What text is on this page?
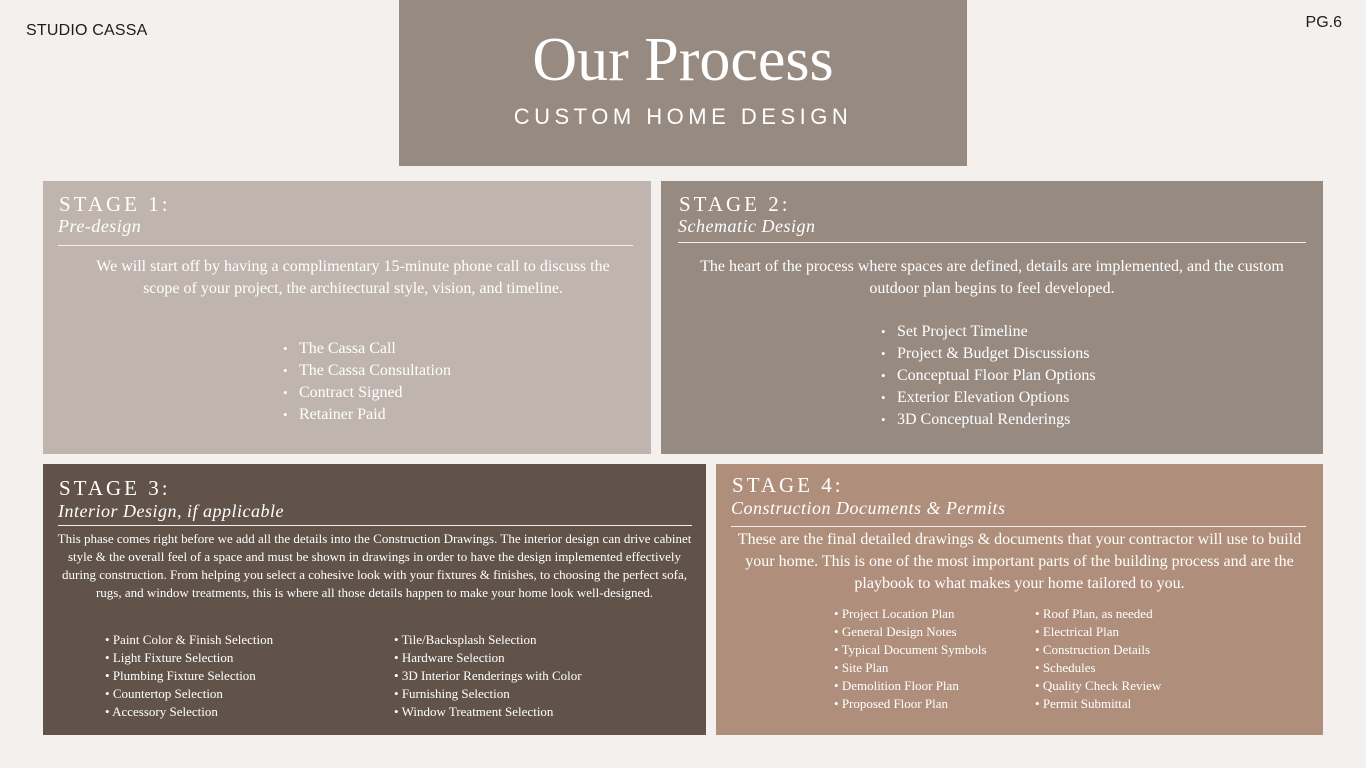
STUDIO CASSA	PG.6
Our Process
CUSTOM HOME DESIGN
STAGE 1:
Pre-design
We will start off by having a complimentary 15-minute phone call to discuss the scope of your project, the architectural style, vision, and timeline.
• The Cassa Call
• The Cassa Consultation
• Contract Signed
• Retainer Paid
STAGE 2:
Schematic Design
The heart of the process where spaces are defined, details are implemented, and the custom outdoor plan begins to feel developed.
• Set Project Timeline
• Project & Budget Discussions
• Conceptual Floor Plan Options
• Exterior Elevation Options
• 3D Conceptual Renderings
STAGE 3:
Interior Design, if applicable
This phase comes right before we add all the details into the Construction Drawings. The interior design can drive cabinet style & the overall feel of a space and must be shown in drawings in order to have the design implemented effectively during construction. From helping you select a cohesive look with your fixtures & finishes, to choosing the perfect sofa, rugs, and window treatments, this is where all those details happen to make your home look well-designed.
• Paint Color & Finish Selection
• Light Fixture Selection
• Plumbing Fixture Selection
• Countertop Selection
• Accessory Selection
• Tile/Backsplash Selection
• Hardware Selection
• 3D Interior Renderings with Color
• Furnishing Selection
• Window Treatment Selection
STAGE 4:
Construction Documents & Permits
These are the final detailed drawings & documents that your contractor will use to build your home. This is one of the most important parts of the building process and are the playbook to what makes your home tailored to you.
• Project Location Plan
• General Design Notes
• Typical Document Symbols
• Site Plan
• Demolition Floor Plan
• Proposed Floor Plan
• Roof Plan, as needed
• Electrical Plan
• Construction Details
• Schedules
• Quality Check Review
• Permit Submittal
